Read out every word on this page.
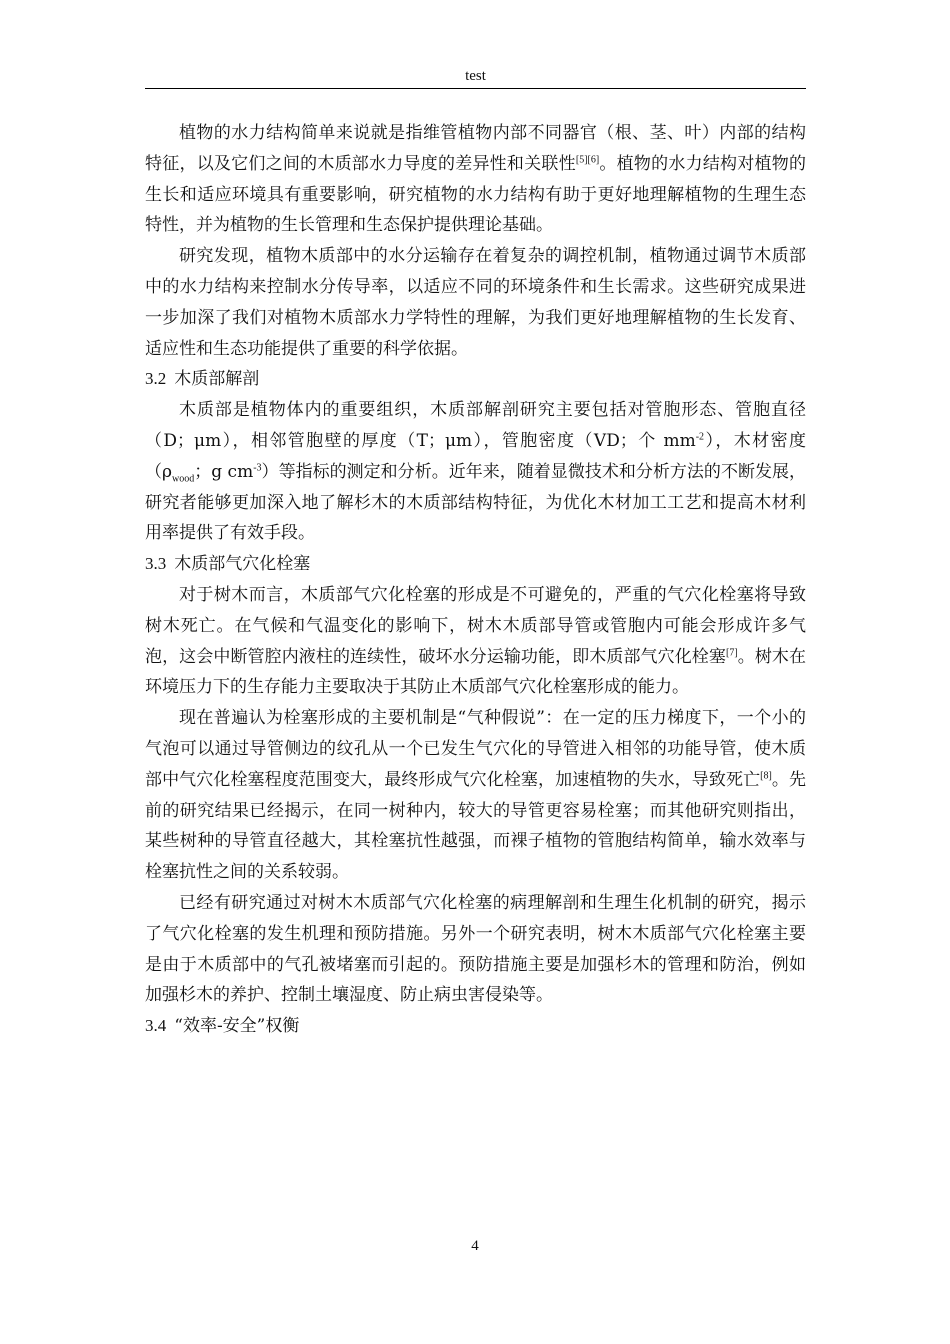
test

植物的水力结构简单来说就是指维管植物内部不同器官（根、茎、叶）内部的结构特征，以及它们之间的木质部水力导度的差异性和关联性[5][6]。植物的水力结构对植物的生长和适应环境具有重要影响，研究植物的水力结构有助于更好地理解植物的生理生态特性，并为植物的生长管理和生态保护提供理论基础。

研究发现，植物木质部中的水分运输存在着复杂的调控机制，植物通过调节木质部中的水力结构来控制水分传导率，以适应不同的环境条件和生长需求。这些研究成果进一步加深了我们对植物木质部水力学特性的理解，为我们更好地理解植物的生长发育、适应性和生态功能提供了重要的科学依据。

3.2 木质部解剖

木质部是植物体内的重要组织，木质部解剖研究主要包括对管胞形态、管胞直径（D；μm），相邻管胞壁的厚度（T；μm），管胞密度（VD；个 $mm^{-2}$），木材密度（$\rho_{wood}$；g $cm^{-3}$）等指标的测定和分析。近年来，随着显微技术和分析方法的不断发展，研究者能够更加深入地了解杉木的木质部结构特征，为优化木材加工工艺和提高木材利用率提供了有效手段。

3.3 木质部气穴化栓塞

对于树木而言，木质部气穴化栓塞的形成是不可避免的，严重的气穴化栓塞将导致树木死亡。在气候和气温变化的影响下，树木木质部导管或管胞内可能会形成许多气泡，这会中断管腔内液柱的连续性，破坏水分运输功能，即木质部气穴化栓塞[7]。树木在环境压力下的生存能力主要取决于其防止木质部气穴化栓塞形成的能力。

现在普遍认为栓塞形成的主要机制是“气种假说”：在一定的压力梯度下，一个小的气泡可以通过导管侧边的纹孔从一个已发生气穴化的导管进入相邻的功能导管，使木质部中气穴化栓塞程度范围变大，最终形成气穴化栓塞，加速植物的失水，导致死亡[8]。先前的研究结果已经揭示，在同一树种内，较大的导管更容易栓塞；而其他研究则指出，某些树种的导管直径越大，其栓塞抗性越强，而裸子植物的管胞结构简单，输水效率与栓塞抗性之间的关系较弱。

已经有研究通过对树木木质部气穴化栓塞的病理解剖和生理生化机制的研究，揭示了气穴化栓塞的发生机理和预防措施。另外一个研究表明，树木木质部气穴化栓塞主要是由于木质部中的气孔被堵塞而引起的。预防措施主要是加强杉木的管理和防治，例如加强杉木的养护、控制土壤湿度、防止病虫害侵染等。

3.4 “效率-安全”权衡
4
